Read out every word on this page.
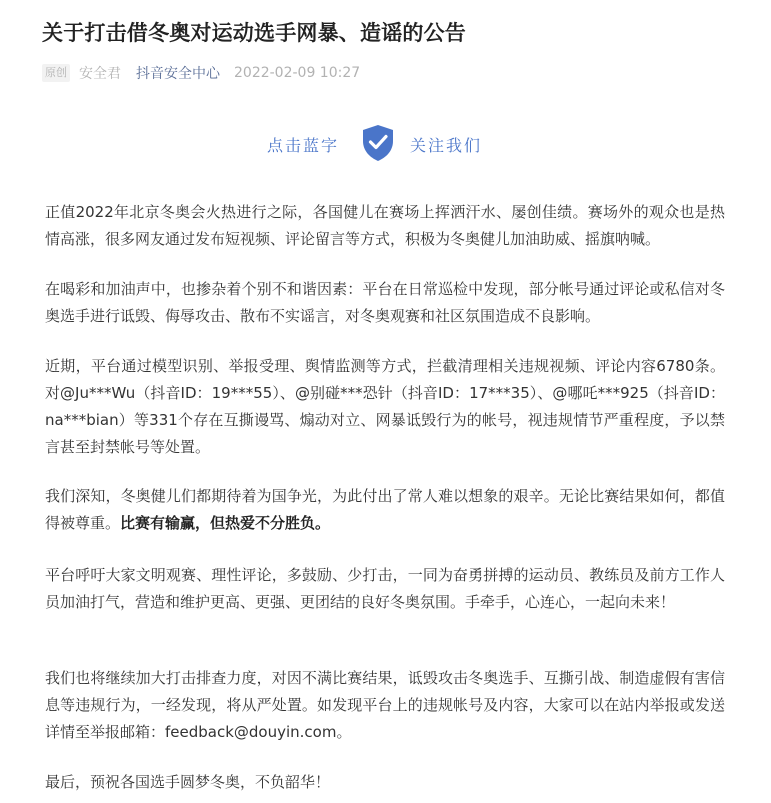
关于打击借冬奥对运动选手网暴、造谣的公告
原创 安全君 抖音安全中心 2022-02-09 10:27
点击蓝字	关注我们

正值2022年北京冬奥会火热进行之际，各国健儿在赛场上挥洒汗水、屡创佳绩。赛场外的观众也是热情高涨，很多网友通过发布短视频、评论留言等方式，积极为冬奥健儿加油助威、摇旗呐喊。

在喝彩和加油声中，也掺杂着个别不和谐因素：平台在日常巡检中发现，部分帐号通过评论或私信对冬奥选手进行诋毁、侮辱攻击、散布不实谣言，对冬奥观赛和社区氛围造成不良影响。

近期，平台通过模型识别、举报受理、舆情监测等方式，拦截清理相关违规视频、评论内容6780条。对@Ju***Wu（抖音ID：19***55）、@别碰***恐针（抖音ID：17***35）、@哪吒***925（抖音ID：na***bian）等331个存在互撕谩骂、煽动对立、网暴诋毁行为的帐号，视违规情节严重程度，予以禁言甚至封禁帐号等处置。

我们深知，冬奥健儿们都期待着为国争光，为此付出了常人难以想象的艰辛。无论比赛结果如何，都值得被尊重。比赛有输赢，但热爱不分胜负。

平台呼吁大家文明观赛、理性评论，多鼓励、少打击，一同为奋勇拼搏的运动员、教练员及前方工作人员加油打气，营造和维护更高、更强、更团结的良好冬奥氛围。手牵手，心连心，一起向未来！

我们也将继续加大打击排查力度，对因不满比赛结果，诋毁攻击冬奥选手、互撕引战、制造虚假有害信息等违规行为，一经发现，将从严处置。如发现平台上的违规帐号及内容，大家可以在站内举报或发送详情至举报邮箱：feedback@douyin.com。

最后，预祝各国选手圆梦冬奥，不负韶华！
